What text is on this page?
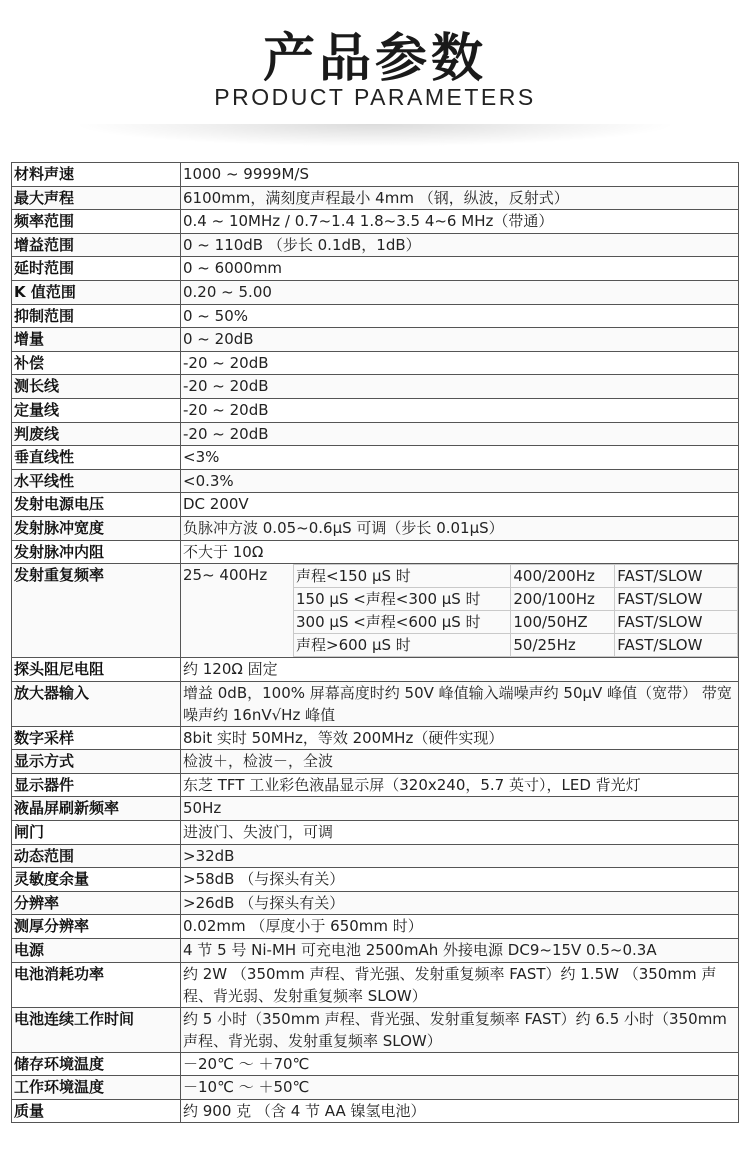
产品参数
PRODUCT PARAMETERS
材料声速	1000 ~ 9999M/S
最大声程	6100mm，满刻度声程最小 4mm （钢，纵波，反射式）
频率范围	0.4 ~ 10MHz / 0.7~1.4 1.8~3.5 4~6 MHz（带通）
增益范围	0 ~ 110dB （步长 0.1dB，1dB）
延时范围	0 ~ 6000mm
K 值范围	0.20 ~ 5.00
抑制范围	0 ~ 50%
增量	0 ~ 20dB
补偿	-20 ~ 20dB
测长线	-20 ~ 20dB
定量线	-20 ~ 20dB
判废线	-20 ~ 20dB
垂直线性	<3%
水平线性	<0.3%
发射电源电压	DC 200V
发射脉冲宽度	负脉冲方波 0.05~0.6μS 可调（步长 0.01μS）
发射脉冲内阻	不大于 10Ω
发射重复频率	25~ 400Hz	声程<150 μS 时	400/200Hz	FAST/SLOW
150 μS <声程<300 μS 时	200/100Hz	FAST/SLOW
300 μS <声程<600 μS 时	100/50HZ	FAST/SLOW
声程>600 μS 时	50/25Hz	FAST/SLOW

探头阻尼电阻	约 120Ω 固定
放大器输入	增益 0dB，100% 屏幕高度时约 50V 峰值输入端噪声约 50μV 峰值（宽带） 带宽噪声约 16nV√Hz 峰值
数字采样	8bit 实时 50MHz，等效 200MHz（硬件实现）
显示方式	检波＋，检波－，全波
显示器件	东芝 TFT 工业彩色液晶显示屏（320x240，5.7 英寸），LED 背光灯
液晶屏刷新频率	50Hz
闸门	进波门、失波门，可调
动态范围	>32dB
灵敏度余量	>58dB （与探头有关）
分辨率	>26dB （与探头有关）
测厚分辨率	0.02mm （厚度小于 650mm 时）
电源	4 节 5 号 Ni-MH 可充电池 2500mAh 外接电源 DC9~15V 0.5~0.3A
电池消耗功率	约 2W （350mm 声程、背光强、发射重复频率 FAST）约 1.5W （350mm 声程、背光弱、发射重复频率 SLOW）
电池连续工作时间	约 5 小时（350mm 声程、背光强、发射重复频率 FAST）约 6.5 小时（350mm 声程、背光弱、发射重复频率 SLOW）
储存环境温度	－20℃ ～ ＋70℃
工作环境温度	－10℃ ～ ＋50℃
质量	约 900 克 （含 4 节 AA 镍氢电池）
